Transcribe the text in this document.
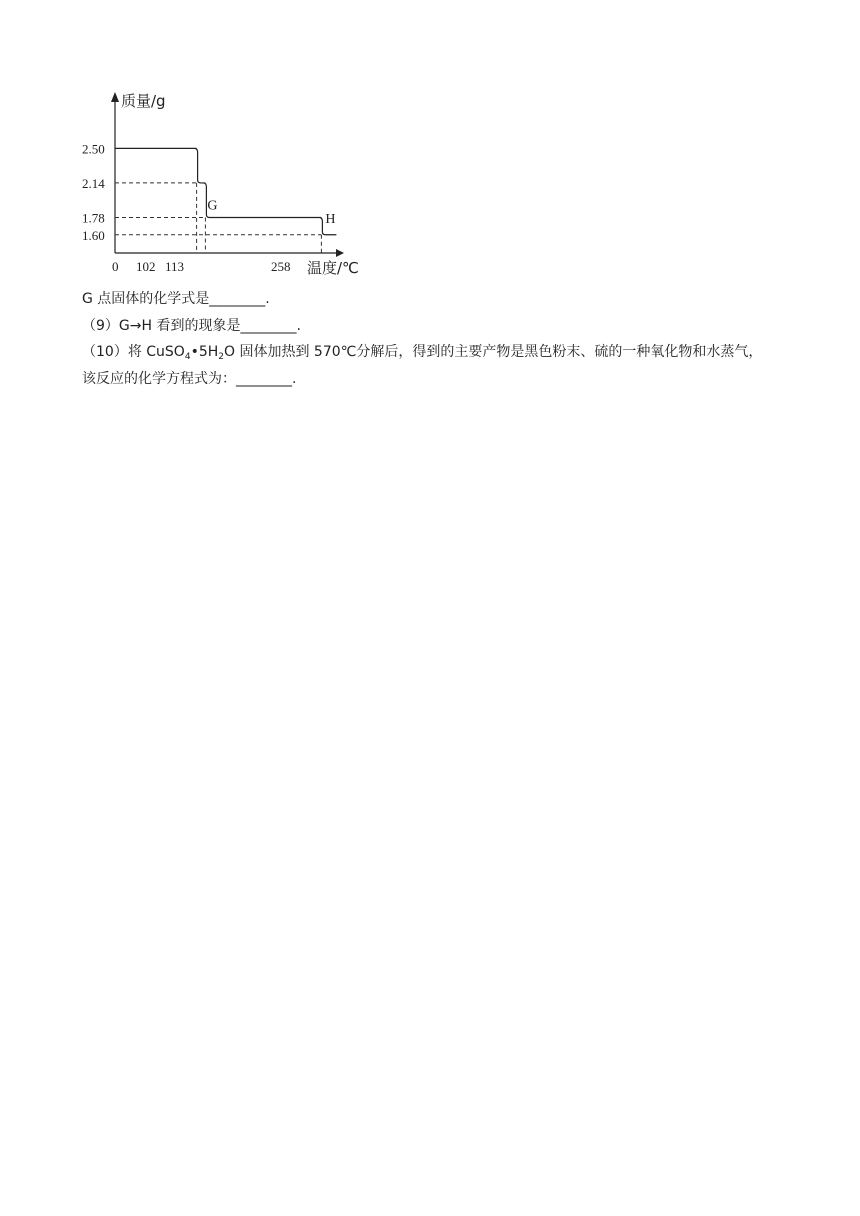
质量/g
温度/℃
2.50
2.14
1.78
1.60
0 102 113	258
G
H
G 点固体的化学式是________.
（9）G→H 看到的现象是________.
（10）将 $CuSO_4•5H_2O$ 固体加热到 570℃分解后，得到的主要产物是黑色粉末、硫的一种氧化物和水蒸气，
该反应的化学方程式为：________.
